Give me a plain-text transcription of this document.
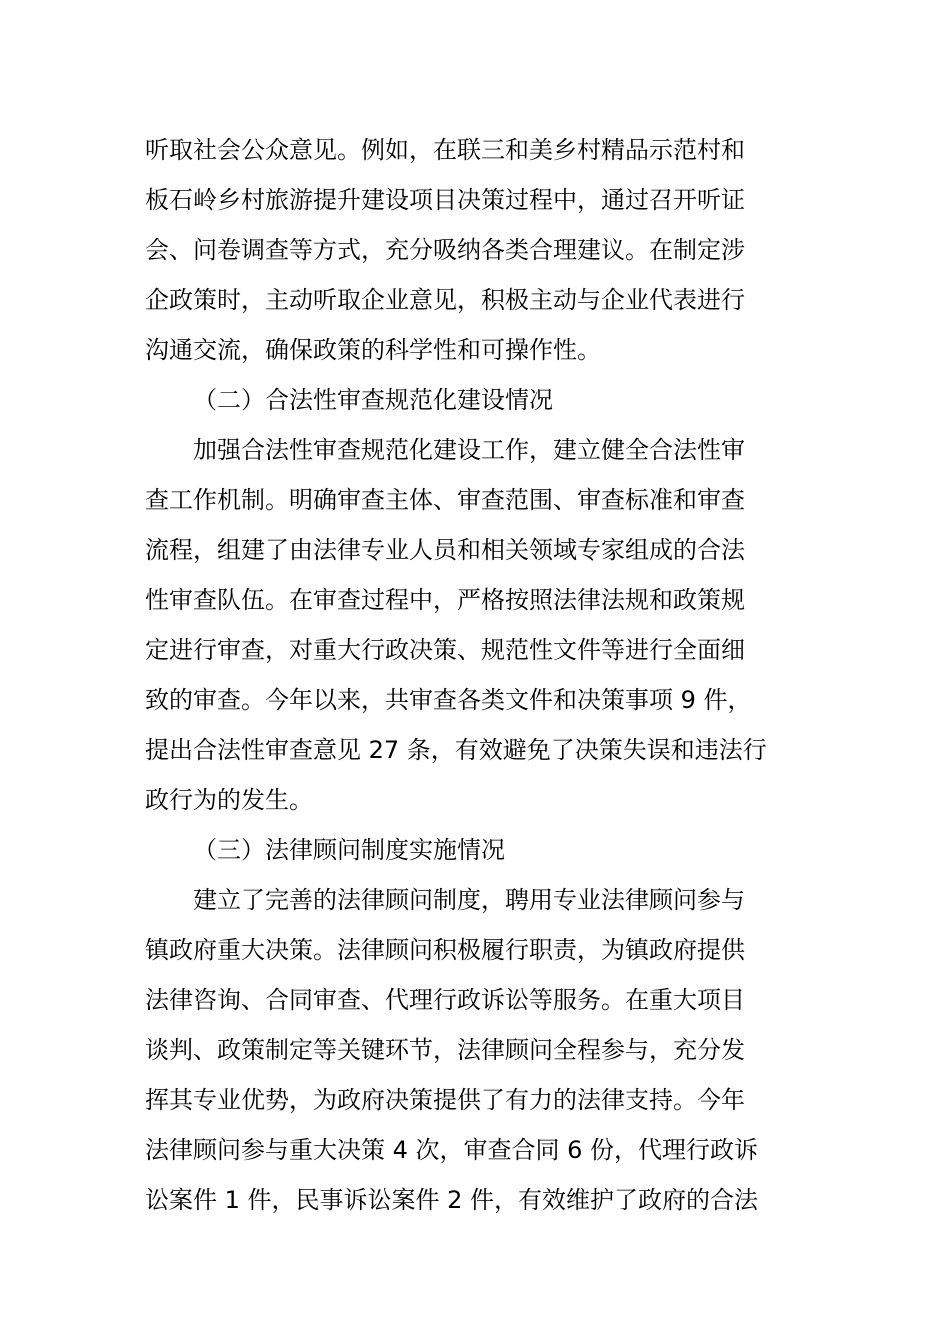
听取社会公众意见。例如，在联三和美乡村精品示范村和
板石岭乡村旅游提升建设项目决策过程中，通过召开听证
会、问卷调查等方式，充分吸纳各类合理建议。在制定涉
企政策时，主动听取企业意见，积极主动与企业代表进行
沟通交流，确保政策的科学性和可操作性。
（二）合法性审查规范化建设情况
加强合法性审查规范化建设工作，建立健全合法性审
查工作机制。明确审查主体、审查范围、审查标准和审查
流程，组建了由法律专业人员和相关领域专家组成的合法
性审查队伍。在审查过程中，严格按照法律法规和政策规
定进行审查，对重大行政决策、规范性文件等进行全面细
致的审查。今年以来，共审查各类文件和决策事项 9 件，
提出合法性审查意见 27 条，有效避免了决策失误和违法行
政行为的发生。
（三）法律顾问制度实施情况
建立了完善的法律顾问制度，聘用专业法律顾问参与
镇政府重大决策。法律顾问积极履行职责，为镇政府提供
法律咨询、合同审查、代理行政诉讼等服务。在重大项目
谈判、政策制定等关键环节，法律顾问全程参与，充分发
挥其专业优势，为政府决策提供了有力的法律支持。今年
法律顾问参与重大决策 4 次，审查合同 6 份，代理行政诉
讼案件 1 件，民事诉讼案件 2 件，有效维护了政府的合法
